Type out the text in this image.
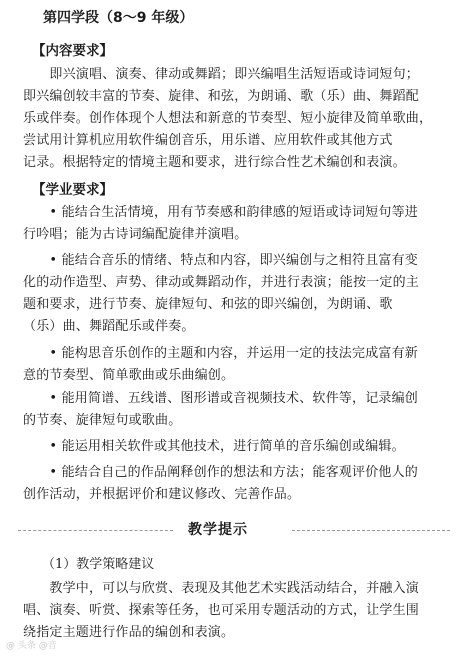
第四学段（8～9 年级）
【内容要求】
　　即兴演唱、演奏、律动或舞蹈；即兴编唱生活短语或诗词短句；
即兴编创较丰富的节奏、旋律、和弦，为朗诵、歌（乐）曲、舞蹈配
乐或伴奏。创作体现个人想法和新意的节奏型、短小旋律及简单歌曲，
尝试用计算机应用软件编创音乐，用乐谱、应用软件或其他方式
记录。根据特定的情境主题和要求，进行综合性艺术编创和表演。
【学业要求】
　　• 能结合生活情境，用有节奏感和韵律感的短语或诗词短句等进
行吟唱；能为古诗词编配旋律并演唱。
　　• 能结合音乐的情绪、特点和内容，即兴编创与之相符且富有变
化的动作造型、声势、律动或舞蹈动作，并进行表演；能按一定的主
题和要求，进行节奏、旋律短句、和弦的即兴编创，为朗诵、歌
（乐）曲、舞蹈配乐或伴奏。
　　• 能构思音乐创作的主题和内容，并运用一定的技法完成富有新
意的节奏型、简单歌曲或乐曲编创。
　　• 能用简谱、五线谱、图形谱或音视频技术、软件等，记录编创
的节奏、旋律短句或歌曲。
　　• 能运用相关软件或其他技术，进行简单的音乐编创或编辑。
　　• 能结合自己的作品阐释创作的想法和方法；能客观评价他人的
创作活动，并根据评价和建议修改、完善作品。
教学提示
（1）教学策略建议
　　教学中，可以与欣赏、表现及其他艺术实践活动结合，并融入演
唱、演奏、听赏、探索等任务，也可采用专题活动的方式，让学生围
绕指定主题进行作品的编创和表演。
@ 头条 @音
